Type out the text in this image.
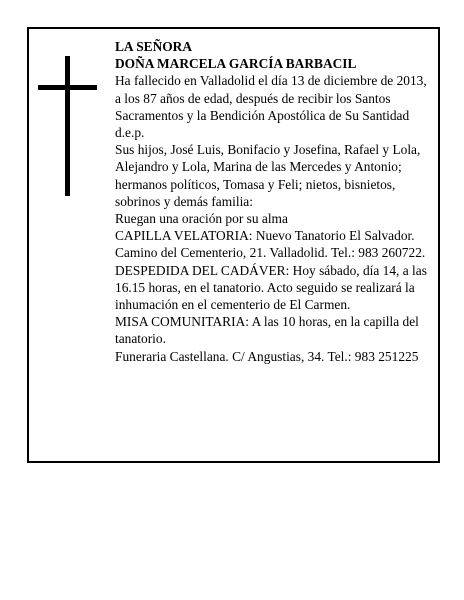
LA SEÑORA
DOÑA MARCELA GARCÍA BARBACIL
Ha fallecido en Valladolid el día 13 de diciembre de 2013, a los 87 años de edad, después de recibir los Santos Sacramentos y la Bendición Apostólica de Su Santidad
d.e.p.
Sus hijos, José Luis, Bonifacio y Josefina, Rafael y Lola, Alejandro y Lola, Marina de las Mercedes y Antonio; hermanos políticos, Tomasa y Feli; nietos, bisnietos, sobrinos y demás familia:
Ruegan una oración por su alma
CAPILLA VELATORIA: Nuevo Tanatorio El Salvador. Camino del Cementerio, 21. Valladolid. Tel.: 983 260722.
DESPEDIDA DEL CADÁVER: Hoy sábado, día 14, a las 16.15 horas, en el tanatorio. Acto seguido se realizará la inhumación en el cementerio de El Carmen.
MISA COMUNITARIA: A las 10 horas, en la capilla del tanatorio.
Funeraria Castellana. C/ Angustias, 34. Tel.: 983 251225
